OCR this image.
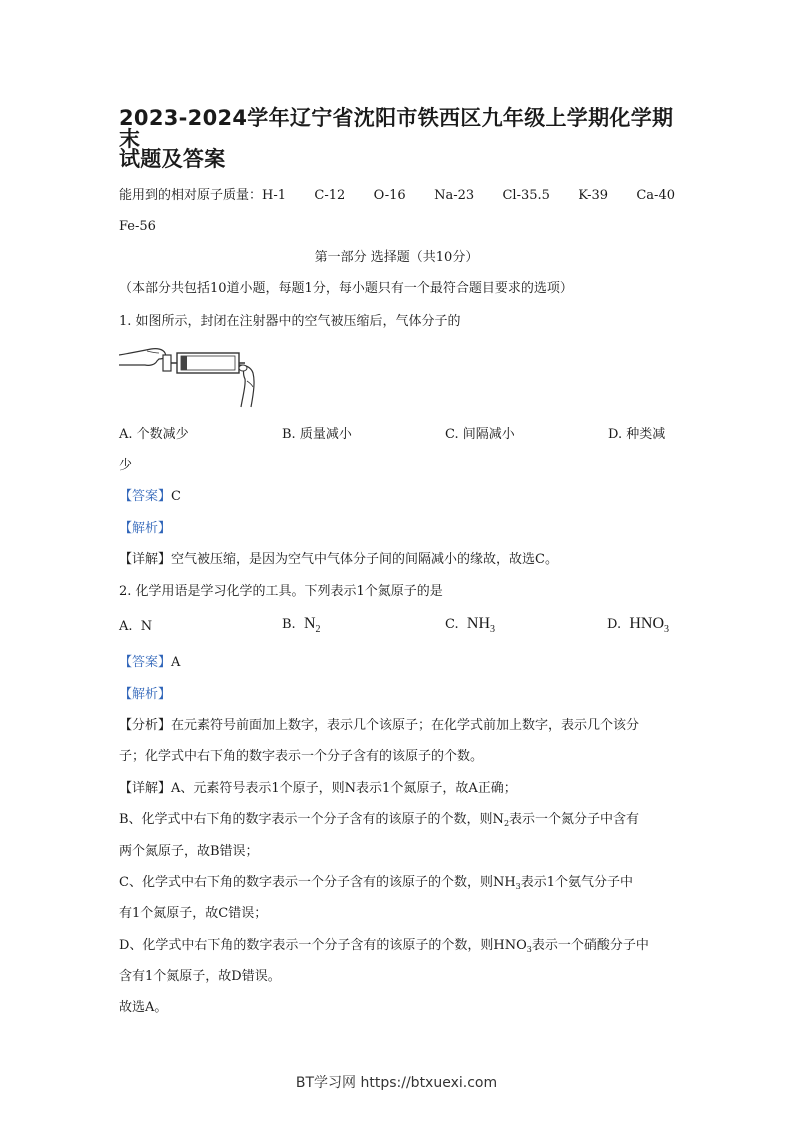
2023-2024学年辽宁省沈阳市铁西区九年级上学期化学期末
试题及答案
能用到的相对原子质量：H-1 C-12 O-16 Na-23 Cl-35.5 K-39 Ca-40
Fe-56
第一部分 选择题（共10分）
（本部分共包括10道小题，每题1分，每小题只有一个最符合题目要求的选项）
1. 如图所示，封闭在注射器中的空气被压缩后，气体分子的
A. 个数减少	B. 质量减小	C. 间隔减小	D. 种类减
少
【答案】C
【解析】
【详解】空气被压缩，是因为空气中气体分子间的间隔减小的缘故，故选C。
2. 化学用语是学习化学的工具。下列表示1个氮原子的是
A. N	B. $N_2$	C. $NH_3$	D. $HNO_3$
【答案】A
【解析】
【分析】在元素符号前面加上数字，表示几个该原子；在化学式前加上数字，表示几个该分
子；化学式中右下角的数字表示一个分子含有的该原子的个数。
【详解】A、元素符号表示1个原子，则N表示1个氮原子，故A正确；
B、化学式中右下角的数字表示一个分子含有的该原子的个数，则$N_2$表示一个氮分子中含有
两个氮原子，故B错误；
C、化学式中右下角的数字表示一个分子含有的该原子的个数，则$NH_3$表示1个氨气分子中
有1个氮原子，故C错误；
D、化学式中右下角的数字表示一个分子含有的该原子的个数，则$HNO_3$表示一个硝酸分子中
含有1个氮原子，故D错误。
故选A。
BT学习网 https://btxuexi.com
